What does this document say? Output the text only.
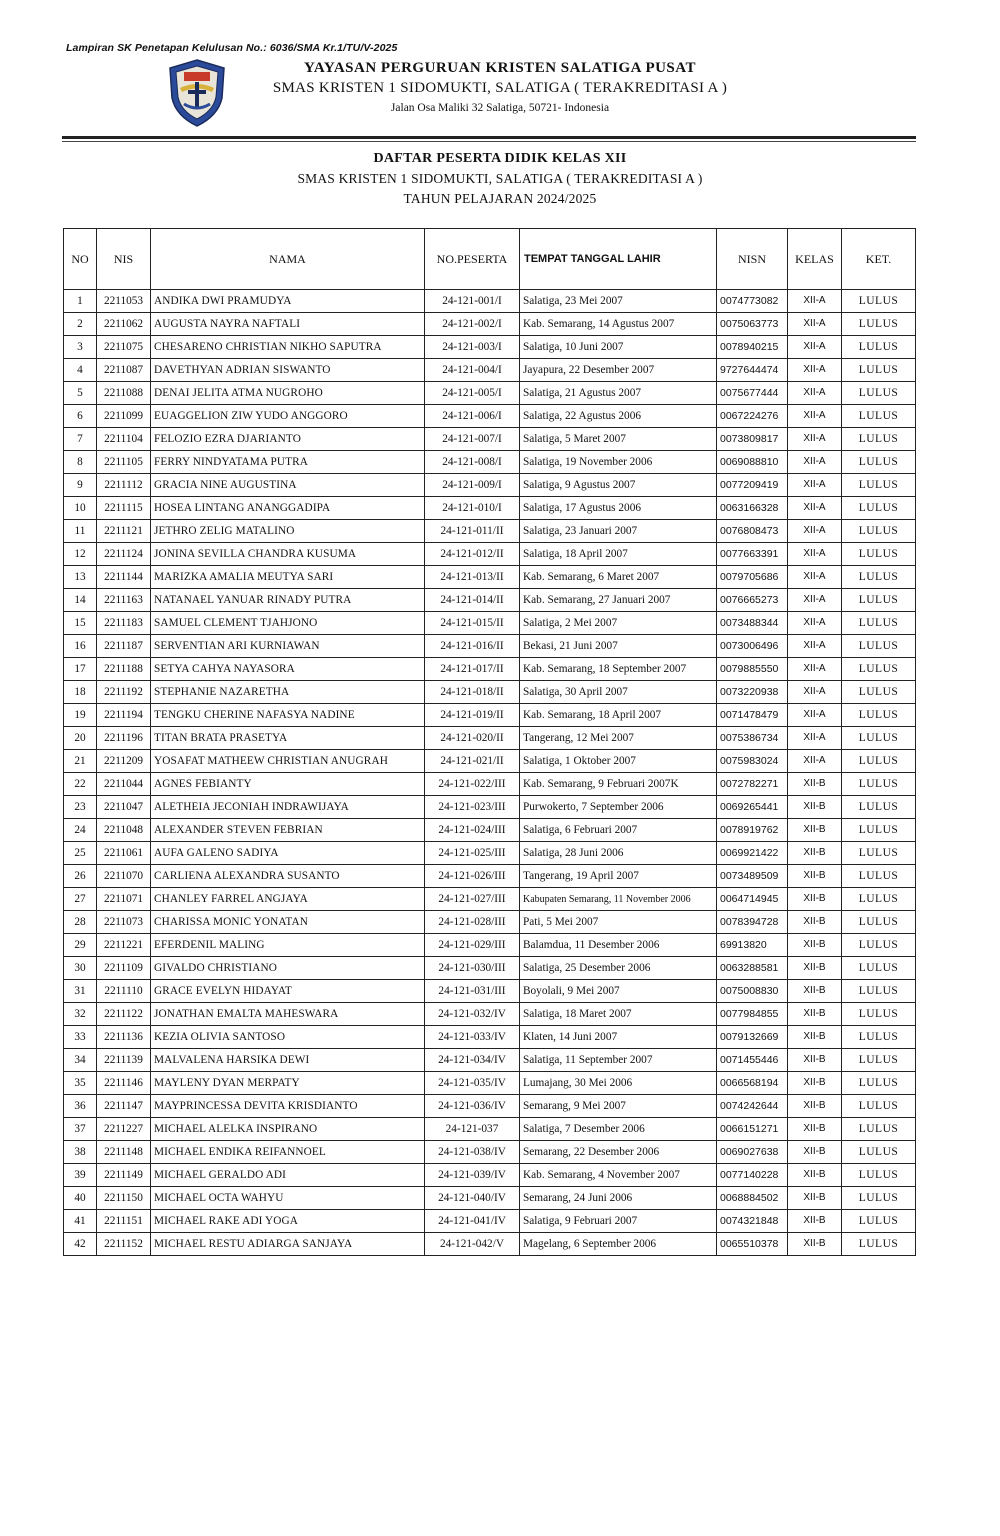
Lampiran SK Penetapan Kelulusan No.: 6036/SMA Kr.1/TU/V-2025
YAYASAN PERGURUAN KRISTEN SALATIGA PUSAT
SMAS KRISTEN 1 SIDOMUKTI, SALATIGA ( TERAKREDITASI A )
Jalan Osa Maliki 32 Salatiga, 50721- Indonesia
DAFTAR PESERTA DIDIK KELAS XII
SMAS KRISTEN 1 SIDOMUKTI, SALATIGA ( TERAKREDITASI A )
TAHUN PELAJARAN 2024/2025
NO	NIS	NAMA	NO.PESERTA	TEMPAT TANGGAL LAHIR	NISN	KELAS	KET.
1	2211053	ANDIKA DWI PRAMUDYA	24-121-001/I	Salatiga, 23 Mei 2007	0074773082	XII-A	LULUS
2	2211062	AUGUSTA NAYRA NAFTALI	24-121-002/I	Kab. Semarang, 14 Agustus 2007	0075063773	XII-A	LULUS
3	2211075	CHESARENO CHRISTIAN NIKHO SAPUTRA	24-121-003/I	Salatiga, 10 Juni 2007	0078940215	XII-A	LULUS
4	2211087	DAVETHYAN ADRIAN SISWANTO	24-121-004/I	Jayapura, 22 Desember 2007	9727644474	XII-A	LULUS
5	2211088	DENAI JELITA ATMA NUGROHO	24-121-005/I	Salatiga, 21 Agustus 2007	0075677444	XII-A	LULUS
6	2211099	EUAGGELION ZIW YUDO ANGGORO	24-121-006/I	Salatiga, 22 Agustus 2006	0067224276	XII-A	LULUS
7	2211104	FELOZIO EZRA DJARIANTO	24-121-007/I	Salatiga, 5 Maret 2007	0073809817	XII-A	LULUS
8	2211105	FERRY NINDYATAMA PUTRA	24-121-008/I	Salatiga, 19 November 2006	0069088810	XII-A	LULUS
9	2211112	GRACIA NINE AUGUSTINA	24-121-009/I	Salatiga, 9 Agustus 2007	0077209419	XII-A	LULUS
10	2211115	HOSEA LINTANG ANANGGADIPA	24-121-010/I	Salatiga, 17 Agustus 2006	0063166328	XII-A	LULUS
11	2211121	JETHRO ZELIG MATALINO	24-121-011/II	Salatiga, 23 Januari 2007	0076808473	XII-A	LULUS
12	2211124	JONINA SEVILLA CHANDRA KUSUMA	24-121-012/II	Salatiga, 18 April 2007	0077663391	XII-A	LULUS
13	2211144	MARIZKA AMALIA MEUTYA SARI	24-121-013/II	Kab. Semarang, 6 Maret 2007	0079705686	XII-A	LULUS
14	2211163	NATANAEL YANUAR RINADY PUTRA	24-121-014/II	Kab. Semarang, 27 Januari 2007	0076665273	XII-A	LULUS
15	2211183	SAMUEL CLEMENT TJAHJONO	24-121-015/II	Salatiga, 2 Mei 2007	0073488344	XII-A	LULUS
16	2211187	SERVENTIAN ARI KURNIAWAN	24-121-016/II	Bekasi, 21 Juni 2007	0073006496	XII-A	LULUS
17	2211188	SETYA CAHYA NAYASORA	24-121-017/II	Kab. Semarang, 18 September 2007	0079885550	XII-A	LULUS
18	2211192	STEPHANIE NAZARETHA	24-121-018/II	Salatiga, 30 April 2007	0073220938	XII-A	LULUS
19	2211194	TENGKU CHERINE NAFASYA NADINE	24-121-019/II	Kab. Semarang, 18 April 2007	0071478479	XII-A	LULUS
20	2211196	TITAN BRATA PRASETYA	24-121-020/II	Tangerang, 12 Mei 2007	0075386734	XII-A	LULUS
21	2211209	YOSAFAT MATHEEW CHRISTIAN ANUGRAH	24-121-021/II	Salatiga, 1 Oktober 2007	0075983024	XII-A	LULUS
22	2211044	AGNES FEBIANTY	24-121-022/III	Kab. Semarang, 9 Februari 2007K	0072782271	XII-B	LULUS
23	2211047	ALETHEIA JECONIAH INDRAWIJAYA	24-121-023/III	Purwokerto, 7 September 2006	0069265441	XII-B	LULUS
24	2211048	ALEXANDER STEVEN FEBRIAN	24-121-024/III	Salatiga, 6 Februari 2007	0078919762	XII-B	LULUS
25	2211061	AUFA GALENO SADIYA	24-121-025/III	Salatiga, 28 Juni 2006	0069921422	XII-B	LULUS
26	2211070	CARLIENA ALEXANDRA SUSANTO	24-121-026/III	Tangerang, 19 April 2007	0073489509	XII-B	LULUS
27	2211071	CHANLEY FARREL ANGJAYA	24-121-027/III	Kabupaten Semarang, 11 November 2006	0064714945	XII-B	LULUS
28	2211073	CHARISSA MONIC YONATAN	24-121-028/III	Pati, 5 Mei 2007	0078394728	XII-B	LULUS
29	2211221	EFERDENIL MALING	24-121-029/III	Balamdua, 11 Desember 2006	69913820	XII-B	LULUS
30	2211109	GIVALDO CHRISTIANO	24-121-030/III	Salatiga, 25 Desember 2006	0063288581	XII-B	LULUS
31	2211110	GRACE EVELYN HIDAYAT	24-121-031/III	Boyolali, 9 Mei 2007	0075008830	XII-B	LULUS
32	2211122	JONATHAN EMALTA MAHESWARA	24-121-032/IV	Salatiga, 18 Maret 2007	0077984855	XII-B	LULUS
33	2211136	KEZIA OLIVIA SANTOSO	24-121-033/IV	Klaten, 14 Juni 2007	0079132669	XII-B	LULUS
34	2211139	MALVALENA HARSIKA DEWI	24-121-034/IV	Salatiga, 11 September 2007	0071455446	XII-B	LULUS
35	2211146	MAYLENY DYAN MERPATY	24-121-035/IV	Lumajang, 30 Mei 2006	0066568194	XII-B	LULUS
36	2211147	MAYPRINCESSA DEVITA KRISDIANTO	24-121-036/IV	Semarang, 9 Mei 2007	0074242644	XII-B	LULUS
37	2211227	MICHAEL ALELKA INSPIRANO	24-121-037	Salatiga, 7 Desember 2006	0066151271	XII-B	LULUS
38	2211148	MICHAEL ENDIKA REIFANNOEL	24-121-038/IV	Semarang, 22 Desember 2006	0069027638	XII-B	LULUS
39	2211149	MICHAEL GERALDO ADI	24-121-039/IV	Kab. Semarang, 4 November 2007	0077140228	XII-B	LULUS
40	2211150	MICHAEL OCTA WAHYU	24-121-040/IV	Semarang, 24 Juni 2006	0068884502	XII-B	LULUS
41	2211151	MICHAEL RAKE ADI YOGA	24-121-041/IV	Salatiga, 9 Februari 2007	0074321848	XII-B	LULUS
42	2211152	MICHAEL RESTU ADIARGA SANJAYA	24-121-042/V	Magelang, 6 September 2006	0065510378	XII-B	LULUS
